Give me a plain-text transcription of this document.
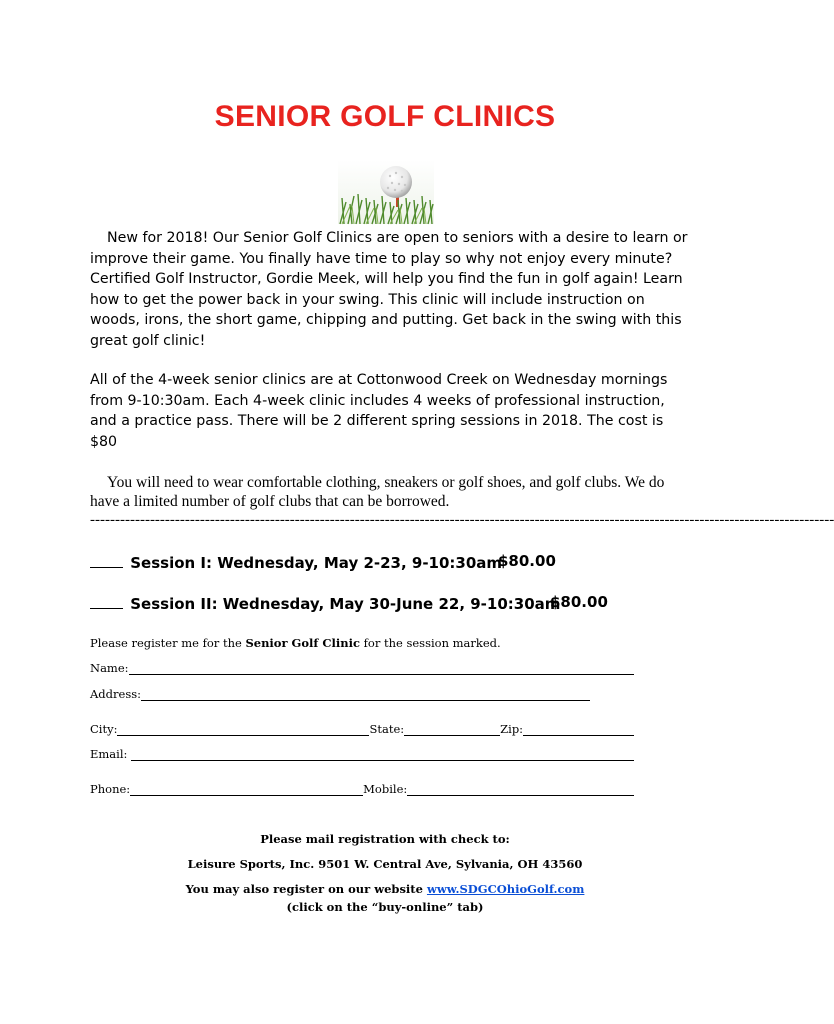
SENIOR GOLF CLINICS

New for 2018! Our Senior Golf Clinics are open to seniors with a desire to learn or improve their game. You finally have time to play so why not enjoy every minute? Certified Golf Instructor, Gordie Meek, will help you find the fun in golf again! Learn how to get the power back in your swing. This clinic will include instruction on woods, irons, the short game, chipping and putting. Get back in the swing with this great golf clinic!

All of the 4-week senior clinics are at Cottonwood Creek on Wednesday mornings from 9-10:30am. Each 4-week clinic includes 4 weeks of professional instruction, and a practice pass. There will be 2 different spring sessions in 2018. The cost is $80

You will need to wear comfortable clothing, sneakers or golf shoes, and golf clubs. We do have a limited number of golf clubs that can be borrowed.

-----------------------------------------------------------------------------------------------------------------------------------------------------
Session I: Wednesday, May 2-23, 9-10:30am
$80.00
Session II: Wednesday, May 30-June 22, 9-10:30am
$80.00
Please register me for the Senior Golf Clinic for the session marked.
Name:
Address:
City:	State:	Zip:
Email:
Phone:	Mobile:
Please mail registration with check to:
Leisure Sports, Inc. 9501 W. Central Ave, Sylvania, OH 43560
You may also register on our website www.SDGCOhioGolf.com
(click on the “buy-online” tab)
